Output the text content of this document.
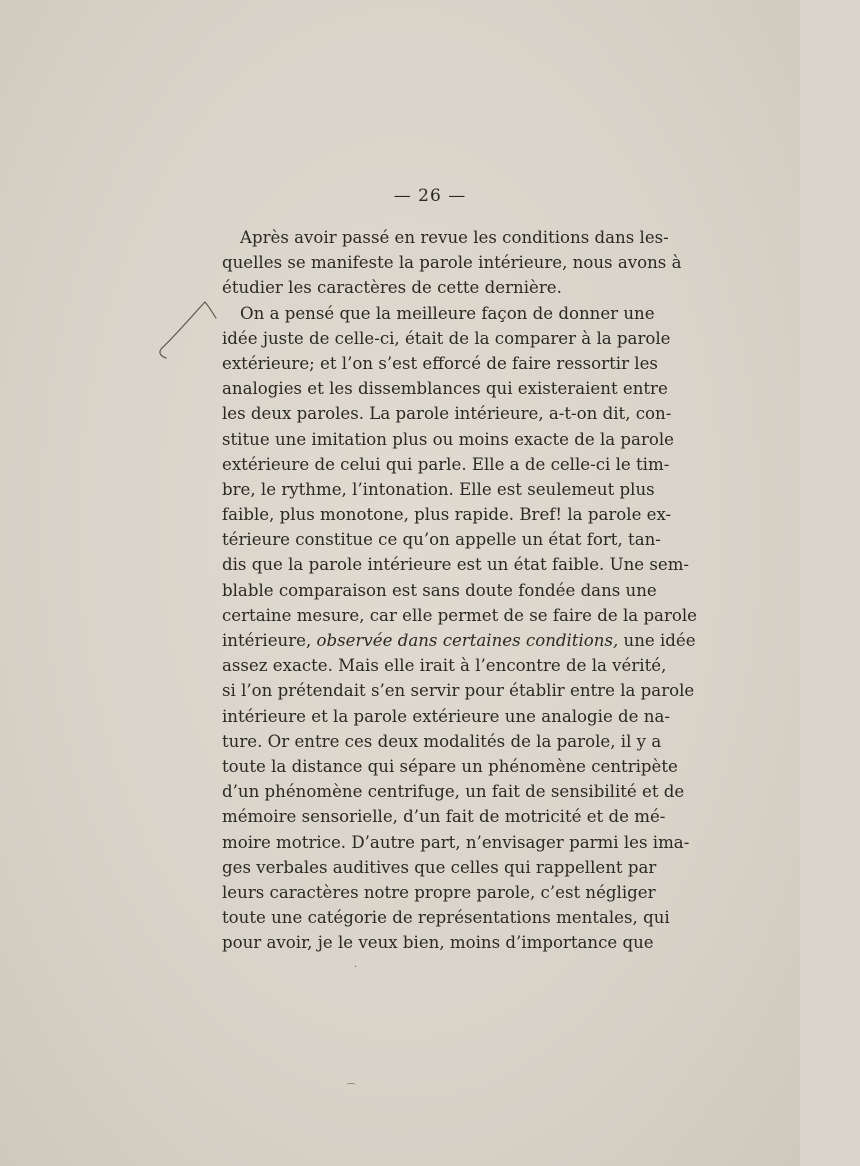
— 26 —
Après avoir passé en revue les conditions dans les-
quelles se manifeste la parole intérieure, nous avons à
étudier les caractères de cette dernière.
On a pensé que la meilleure façon de donner une
idée juste de celle-ci, était de la comparer à la parole
extérieure; et l’on s’est efforcé de faire ressortir les
analogies et les dissemblances qui existeraient entre
les deux paroles. La parole intérieure, a-t-on dit, con-
stitue une imitation plus ou moins exacte de la parole
extérieure de celui qui parle. Elle a de celle-ci le tim-
bre, le rythme, l’intonation. Elle est seulemeut plus
faible, plus monotone, plus rapide. Bref! la parole ex-
térieure constitue ce qu’on appelle un état fort, tan-
dis que la parole intérieure est un état faible. Une sem-
blable comparaison est sans doute fondée dans une
certaine mesure, car elle permet de se faire de la parole
intérieure, observée dans certaines conditions, une idée
assez exacte. Mais elle irait à l’encontre de la vérité,
si l’on prétendait s’en servir pour établir entre la parole
intérieure et la parole extérieure une analogie de na-
ture. Or entre ces deux modalités de la parole, il y a
toute la distance qui sépare un phénomène centripète
d’un phénomène centrifuge, un fait de sensibilité et de
mémoire sensorielle, d’un fait de motricité et de mé-
moire motrice. D’autre part, n’envisager parmi les ima-
ges verbales auditives que celles qui rappellent par
leurs caractères notre propre parole, c’est négliger
toute une catégorie de représentations mentales, qui
pour avoir, je le veux bien, moins d’importance que
·
⌒
